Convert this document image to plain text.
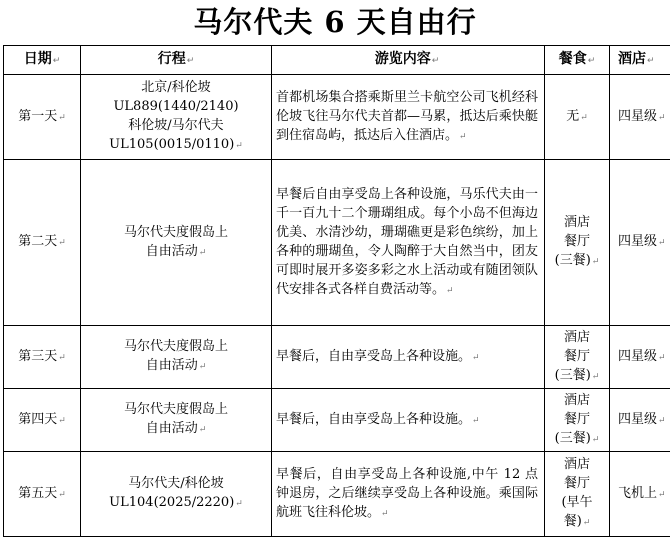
马尔代夫 6 天自由行
日期↵	行程↵	游览内容↵	餐食↵	酒店↵
第一天↵	北京/科伦坡
UL889(1440/2140)
科伦坡/马尔代夫
UL105(0015/0110)↵	首都机场集合搭乘斯里兰卡航空公司飞机经科伦坡飞往马尔代夫首都—马累，抵达后乘快艇到住宿岛屿，抵达后入住酒店。↵	无↵	四星级↵
第二天↵	马尔代夫度假岛上
自由活动↵	早餐后自由享受岛上各种设施，马乐代夫由一千一百九十二个珊瑚组成。每个小岛不但海边优美、水清沙幼，珊瑚礁更是彩色缤纷，加上各种的珊瑚鱼，令人陶醉于大自然当中，团友可即时展开多姿多彩之水上活动或有随团领队代安排各式各样自费活动等。↵	酒店
餐厅
(三餐)↵	四星级↵
第三天↵	马尔代夫度假岛上
自由活动↵	早餐后，自由享受岛上各种设施。↵	酒店
餐厅
(三餐)↵	四星级↵
第四天↵	马尔代夫度假岛上
自由活动↵	早餐后，自由享受岛上各种设施。↵	酒店
餐厅
(三餐)↵	四星级↵
第五天↵	马尔代夫/科伦坡
UL104(2025/2220)↵	早餐后，自由享受岛上各种设施,中午 12 点钟退房，之后继续享受岛上各种设施。乘国际航班飞往科伦坡。↵	酒店
餐厅
(早午
餐)↵	飞机上↵
